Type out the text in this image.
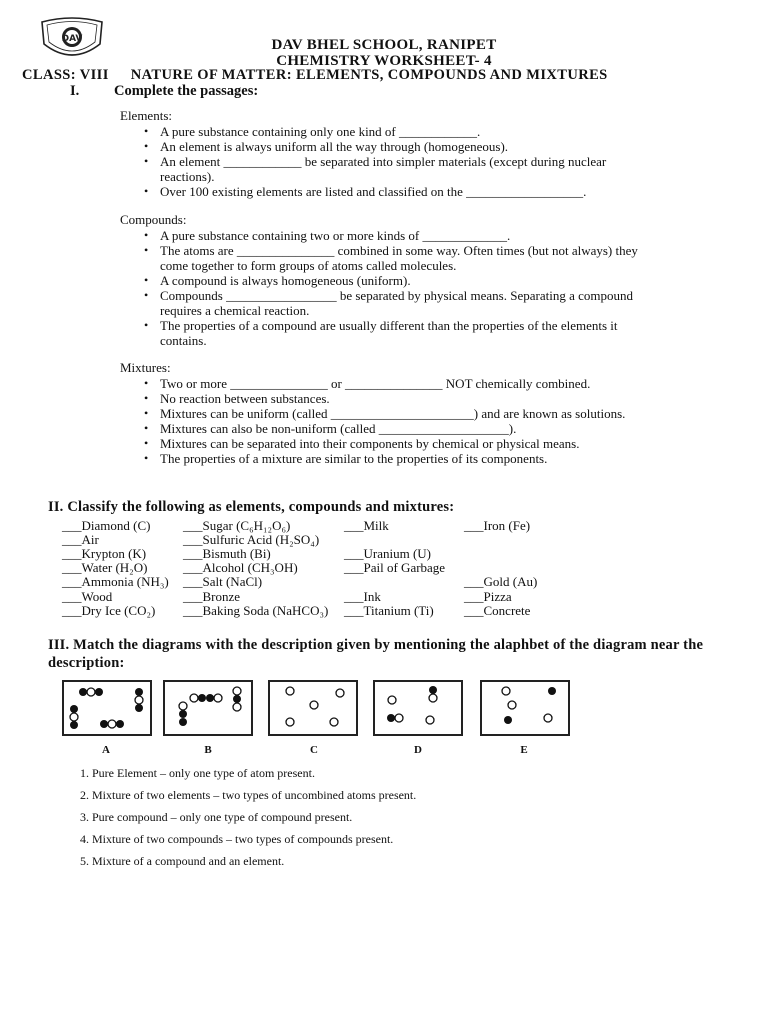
DAV	DAV BHEL SCHOOL, RANIPET
CHEMISTRY WORKSHEET- 4
CLASS: VIII NATURE OF MATTER: ELEMENTS, COMPOUNDS AND MIXTURES
I. Complete the passages:
Elements:
• A pure substance containing only one kind of ____________.
• An element is always uniform all the way through (homogeneous).
• An element ____________ be separated into simpler materials (except during nuclear reactions).
• Over 100 existing elements are listed and classified on the __________________.
Compounds:
• A pure substance containing two or more kinds of _____________.
• The atoms are _______________ combined in some way. Often times (but not always) they come together to form groups of atoms called molecules.
• A compound is always homogeneous (uniform).
• Compounds _________________ be separated by physical means. Separating a compound requires a chemical reaction.
• The properties of a compound are usually different than the properties of the elements it contains.
Mixtures:
• Two or more _______________ or _______________ NOT chemically combined.
• No reaction between substances.
• Mixtures can be uniform (called ______________________) and are known as solutions.
• Mixtures can also be non-uniform (called ____________________).
• Mixtures can be separated into their components by chemical or physical means.
• The properties of a mixture are similar to the properties of its components.
II. Classify the following as elements, compounds and mixtures:
___Diamond (C)
___Air
___Krypton (K)
___Water (H₂O)
___Ammonia (NH₃)
___Wood
___Dry Ice (CO₂)
___Sugar (C₆H₁₂O₆)
___Sulfuric Acid (H₂SO₄)
___Bismuth (Bi)
___Alcohol (CH₃OH)
___Salt (NaCl)
___Bronze
___Baking Soda (NaHCO₃)
___Milk
___Uranium (U)
___Pail of Garbage
___Ink
___Titanium (Ti)
___Iron (Fe)
___Gold (Au)
___Pizza
___Concrete
III. Match the diagrams with the description given by mentioning the alaphbet of the diagram near the description:
A	B	C	D	E
1. Pure Element – only one type of atom present.
2. Mixture of two elements – two types of uncombined atoms present.
3. Pure compound – only one type of compound present.
4. Mixture of two compounds – two types of compounds present.
5. Mixture of a compound and an element.
